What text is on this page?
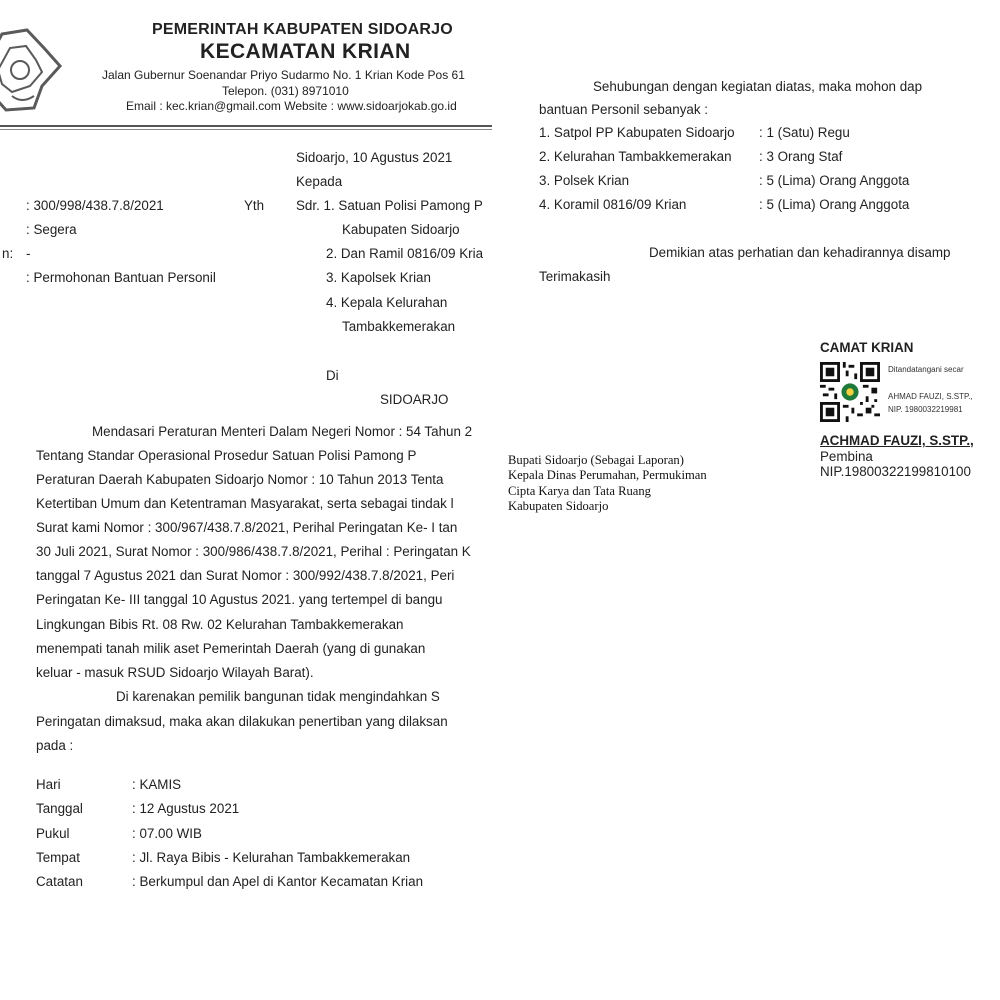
PEMERINTAH KABUPATEN SIDOARJO
KECAMATAN KRIAN
Jalan Gubernur Soenandar Priyo Sudarmo No. 1 Krian Kode Pos 61
Telepon. (031) 8971010
Email : kec.krian@gmail.com Website : www.sidoarjokab.go.id
Sidoarjo, 10 Agustus 2021
Kepada
: 300/998/438.7.8/2021	Yth
: Segera
n: -
: Permohonan Bantuan Personil
Sdr. 1. Satuan Polisi Pamong P
Kabupaten Sidoarjo
2. Dan Ramil 0816/09 Kria
3. Kapolsek Krian
4. Kepala Kelurahan
Tambakkemerakan
Di
SIDOARJO
Mendasari Peraturan Menteri Dalam Negeri Nomor : 54 Tahun 2
Tentang Standar Operasional Prosedur Satuan Polisi Pamong P
Peraturan Daerah Kabupaten Sidoarjo Nomor : 10 Tahun 2013 Tenta
Ketertiban Umum dan Ketentraman Masyarakat, serta sebagai tindak l
Surat kami Nomor : 300/967/438.7.8/2021, Perihal Peringatan Ke- I tan
30 Juli 2021, Surat Nomor : 300/986/438.7.8/2021, Perihal : Peringatan K
tanggal 7 Agustus 2021 dan Surat Nomor : 300/992/438.7.8/2021, Peri
Peringatan Ke- III tanggal 10 Agustus 2021. yang tertempel di bangu
Lingkungan Bibis Rt. 08 Rw. 02 Kelurahan Tambakkemerakan
menempati tanah milik aset Pemerintah Daerah (yang di gunakan
keluar - masuk RSUD Sidoarjo Wilayah Barat).
Di karenakan pemilik bangunan tidak mengindahkan S
Peringatan dimaksud, maka akan dilakukan penertiban yang dilaksan
pada :
Hari	: KAMIS
Tanggal	: 12 Agustus 2021
Pukul	: 07.00 WIB
Tempat	: Jl. Raya Bibis - Kelurahan Tambakkemerakan
Catatan	: Berkumpul dan Apel di Kantor Kecamatan Krian
Sehubungan dengan kegiatan diatas, maka mohon dap
bantuan Personil sebanyak :
1. Satpol PP Kabupaten Sidoarjo : 1 (Satu) Regu
2. Kelurahan Tambakkemerakan : 3 Orang Staf
3. Polsek Krian	: 5 (Lima) Orang Anggota
4. Koramil 0816/09 Krian	: 5 (Lima) Orang Anggota
Demikian atas perhatian dan kehadirannya disamp
Terimakasih
CAMAT KRIAN
Ditandatangani secar
AHMAD FAUZI, S.STP.,
NIP. 1980032219981
ACHMAD FAUZI, S.STP.,
Pembina
NIP.19800322199810100
Bupati Sidoarjo (Sebagai Laporan)
Kepala Dinas Perumahan, Permukiman
Cipta Karya dan Tata Ruang
Kabupaten Sidoarjo
